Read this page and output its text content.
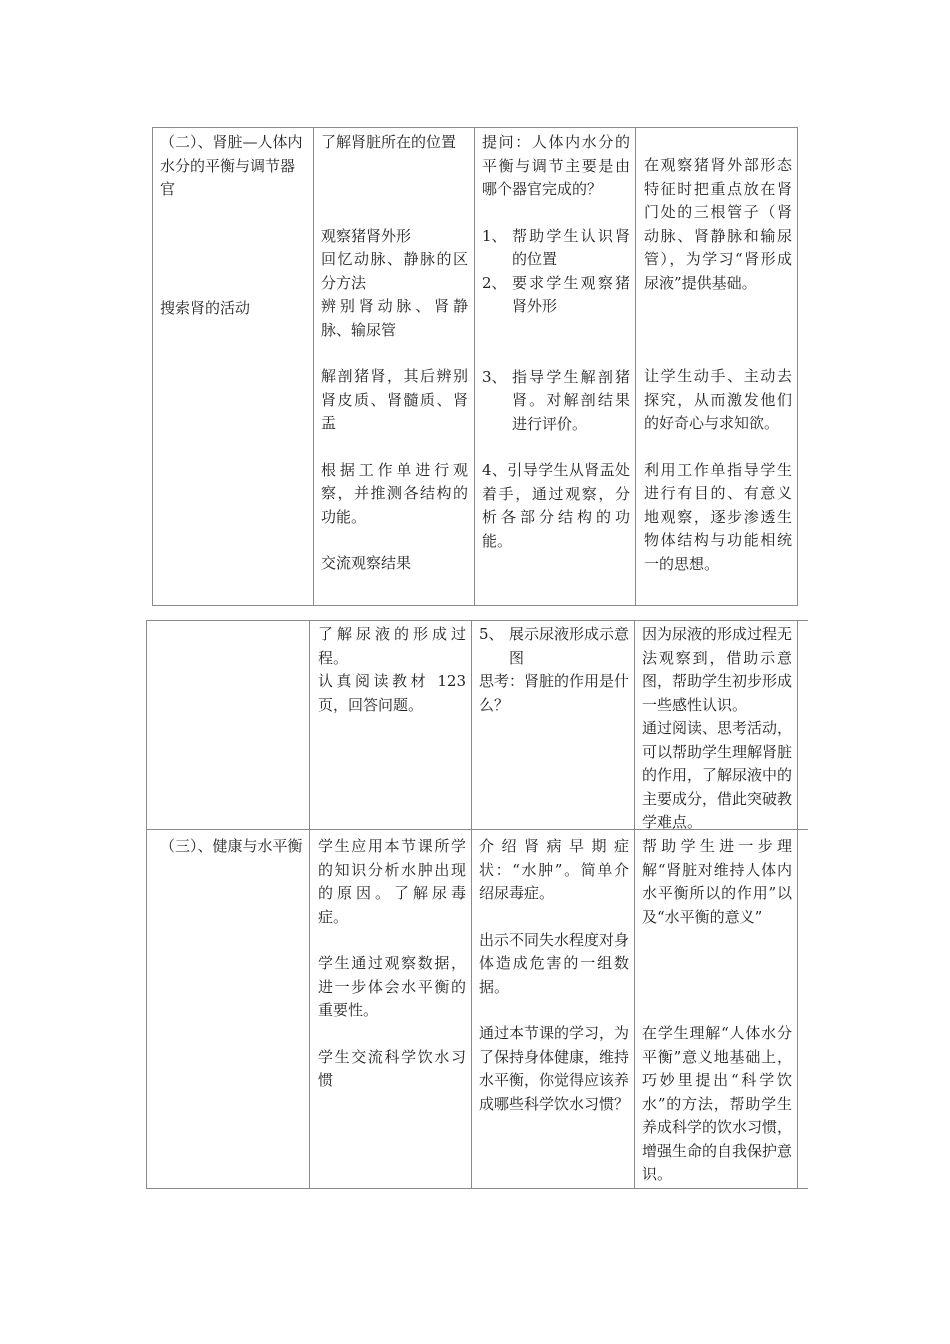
（二）、肾脏—人体内水分的平衡与调节器官

搜索肾的活动

了解肾脏所在的位置

观察猪肾外形

回忆动脉、静脉的区分方法

辨别肾动脉、肾静脉、输尿管

解剖猪肾，其后辨别肾皮质、肾髓质、肾盂

根据工作单进行观察，并推测各结构的功能。

交流观察结果

提问：人体内水分的平衡与调节主要是由哪个器官完成的？

1、 帮助学生认识肾的位置
2、 要求学生观察猪肾外形
3、 指导学生解剖猪肾。对解剖结果进行评价。

4、引导学生从肾盂处着手，通过观察，分析各部分结构的功能。

在观察猪肾外部形态特征时把重点放在肾门处的三根管子（肾动脉、肾静脉和输尿管），为学习“肾形成尿液”提供基础。

让学生动手、主动去探究，从而激发他们的好奇心与求知欲。

利用工作单指导学生进行有目的、有意义地观察，逐步渗透生物体结构与功能相统一的思想。

了解尿液的形成过程。

认真阅读教材 123页，回答问题。

5、 展示尿液形成示意图

思考：肾脏的作用是什么？

因为尿液的形成过程无法观察到，借助示意图，帮助学生初步形成一些感性认识。

通过阅读、思考活动，可以帮助学生理解肾脏的作用，了解尿液中的主要成分，借此突破教学难点。

（三）、健康与水平衡 学生应用本节课所学的知识分析水肿出现的原因。了解尿毒症。

学生通过观察数据，进一步体会水平衡的重要性。

学生交流科学饮水习惯

介绍肾病早期症状：“水肿”。简单介绍尿毒症。

出示不同失水程度对身体造成危害的一组数据。

通过本节课的学习，为了保持身体健康，维持水平衡，你觉得应该养成哪些科学饮水习惯？

帮助学生进一步理解“肾脏对维持人体内水平衡所以的作用”以及“水平衡的意义”

在学生理解“人体水分平衡”意义地基础上，巧妙里提出“科学饮水”的方法，帮助学生养成科学的饮水习惯，增强生命的自我保护意识。
